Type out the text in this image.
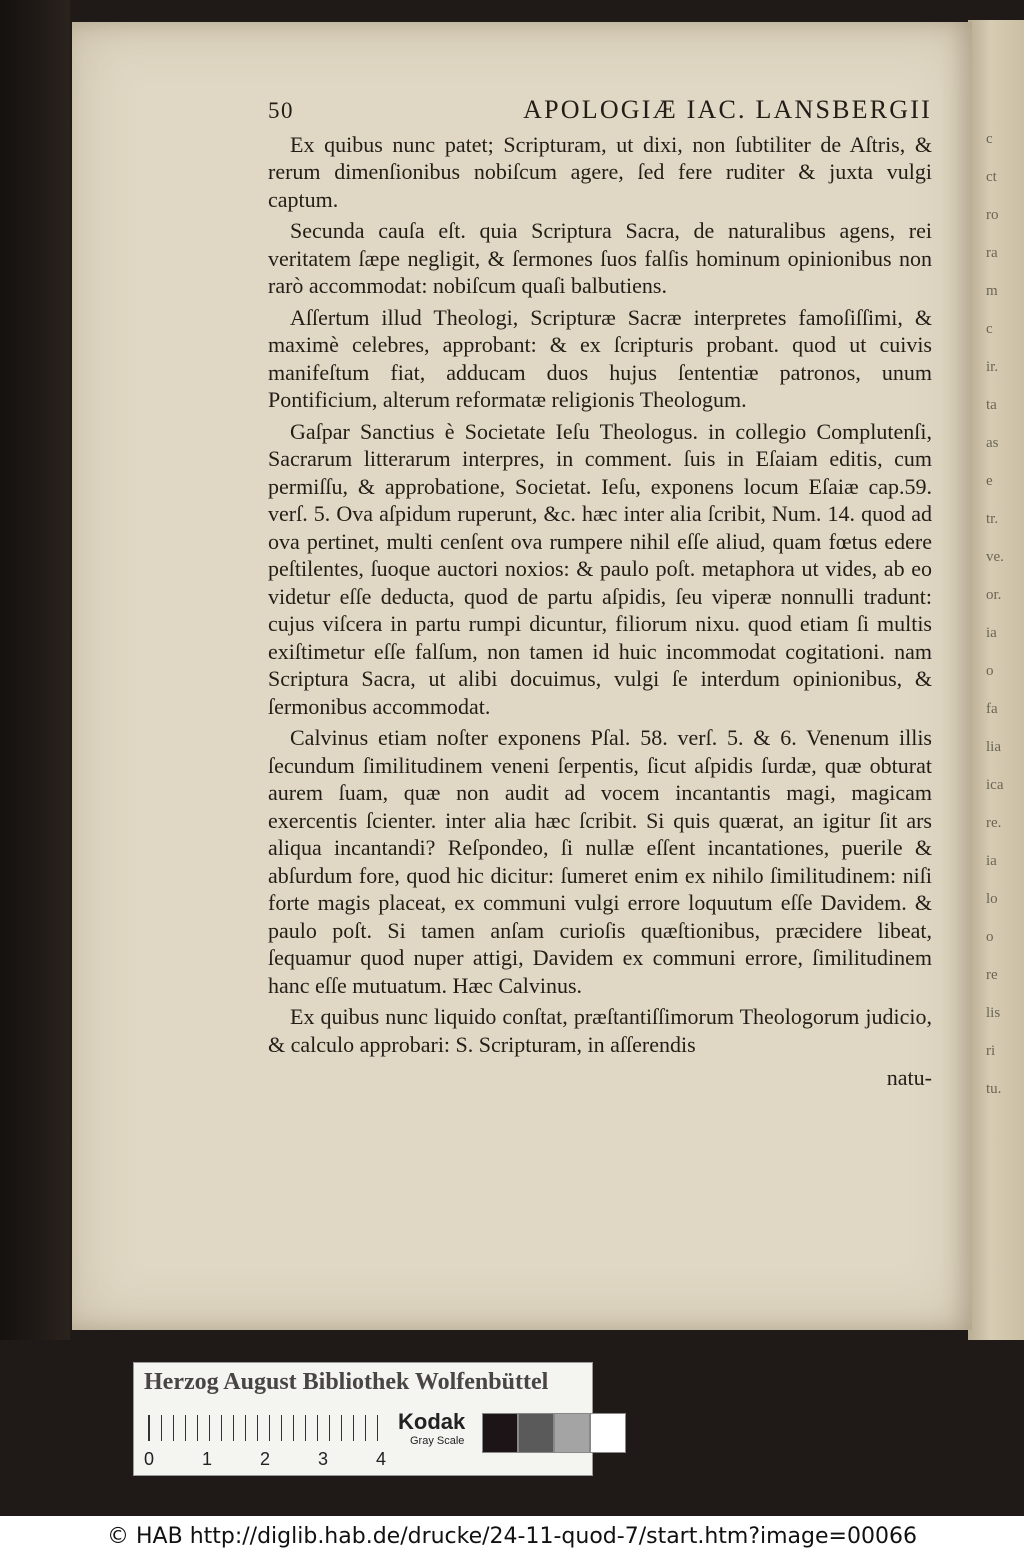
c
ct
ro
ra
m
c
ir.
ta
as
e
tr.
ve.
or.
ia
o
fa
lia
ica
re.
ia
lo
o
re
lis
ri
tu.
50	APOLOGIÆ IAC. LANSBERGII

Ex quibus nunc patet; Scripturam, ut dixi, non ſubtiliter de Aſtris, & rerum dimenſionibus nobiſcum agere, ſed fere ruditer & juxta vulgi captum.

Secunda cauſa eſt. quia Scriptura Sacra, de naturalibus agens, rei veritatem ſæpe negligit, & ſermones ſuos falſis hominum opinionibus non rarò accommodat: nobiſcum quaſi balbutiens.

Aſſertum illud Theologi, Scripturæ Sacræ interpretes famoſiſſimi, & maximè celebres, approbant: & ex ſcripturis probant. quod ut cuivis manifeſtum fiat, adducam duos hujus ſententiæ patronos, unum Pontificium, alterum reformatæ religionis Theologum.

Gaſpar Sanctius è Societate Ieſu Theologus. in collegio Complutenſi, Sacrarum litterarum interpres, in comment. ſuis in Eſaiam editis, cum permiſſu, & approbatione, Societat. Ieſu, exponens locum Eſaiæ cap.59. verſ. 5. Ova aſpidum ruperunt, &c. hæc inter alia ſcribit, Num. 14. quod ad ova pertinet, multi cenſent ova rumpere nihil eſſe aliud, quam fœtus edere peſtilentes, ſuoque auctori noxios: & paulo poſt. metaphora ut vides, ab eo videtur eſſe deducta, quod de partu aſpidis, ſeu viperæ nonnulli tradunt: cujus viſcera in partu rumpi dicuntur, filiorum nixu. quod etiam ſi multis exiſtimetur eſſe falſum, non tamen id huic incommodat cogitationi. nam Scriptura Sacra, ut alibi docuimus, vulgi ſe interdum opinionibus, & ſermonibus accommodat.

Calvinus etiam noſter exponens Pſal. 58. verſ. 5. & 6. Venenum illis ſecundum ſimilitudinem veneni ſerpentis, ſicut aſpidis ſurdæ, quæ obturat aurem ſuam, quæ non audit ad vocem incantantis magi, magicam exercentis ſcienter. inter alia hæc ſcribit. Si quis quærat, an igitur ſit ars aliqua incantandi? Reſpondeo, ſi nullæ eſſent incantationes, puerile & abſurdum fore, quod hic dicitur: ſumeret enim ex nihilo ſimilitudinem: niſi forte magis placeat, ex communi vulgi errore loquutum eſſe Davidem. & paulo poſt. Si tamen anſam curioſis quæſtionibus, præcidere libeat, ſequamur quod nuper attigi, Davidem ex communi errore, ſimilitudinem hanc eſſe mutuatum. Hæc Calvinus.

Ex quibus nunc liquido conſtat, præſtantiſſimorum Theologorum judicio, & calculo approbari: S. Scripturam, in aſſerendis

natu-
Herzog August Bibliothek Wolfenbüttel
0	1	2	3	4
Kodak
Gray Scale
© HAB http://diglib.hab.de/drucke/24-11-quod-7/start.htm?image=00066
